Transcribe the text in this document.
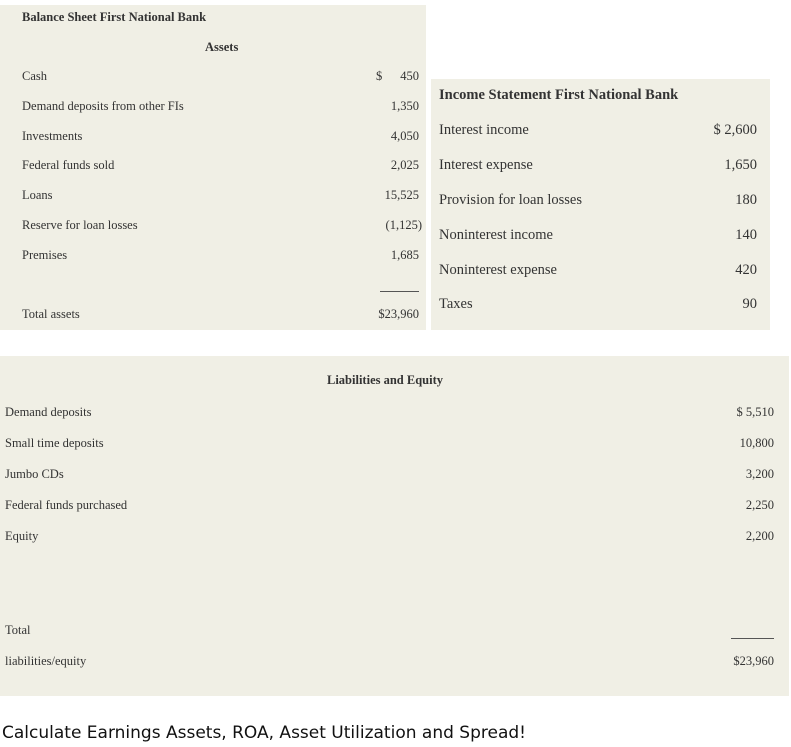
Balance Sheet First National Bank
Assets
Cash	$ 450
Demand deposits from other FIs	1,350
Investments	4,050
Federal funds sold	2,025
Loans	15,525
Reserve for loan losses	(1,125)
Premises	1,685
Total assets	$23,960
Income Statement First National Bank
Interest income	$ 2,600
Interest expense	1,650
Provision for loan losses	180
Noninterest income	140
Noninterest expense	420
Taxes	90
Liabilities and Equity
Demand deposits	$ 5,510
Small time deposits	10,800
Jumbo CDs	3,200
Federal funds purchased	2,250
Equity	2,200
Total
liabilities/equity	$23,960
Calculate Earnings Assets, ROA, Asset Utilization and Spread!
